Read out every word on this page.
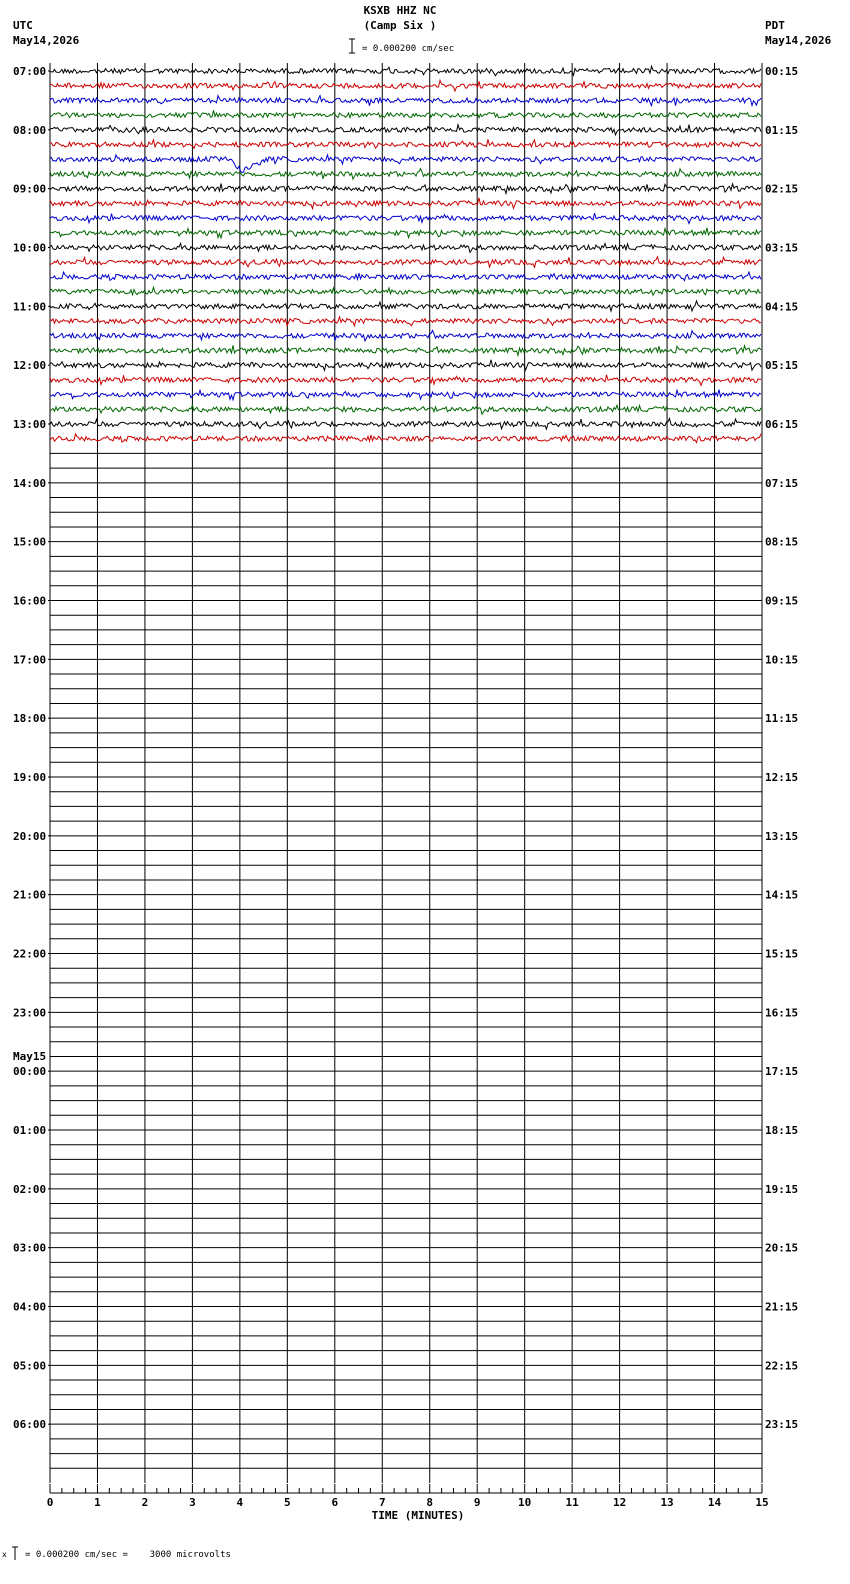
KSXB HHZ NC
(Camp Six )
UTC
May14,2026
PDT
May14,2026
= 0.000200 cm/sec
x = 0.000200 cm/sec =    3000 microvolts
07:00	00:15
08:00	01:15
09:00	02:15
10:00	03:15
11:00	04:15
12:00	05:15
13:00	06:15
14:00	07:15
15:00	08:15
16:00	09:15
17:00	10:15
18:00	11:15
19:00	12:15
20:00	13:15
21:00	14:15
22:00	15:15
23:00	16:15
00:00	17:15
01:00	18:15
02:00	19:15
03:00	20:15
04:00	21:15
05:00	22:15
06:00	23:15
May15
0	1	2	3	4	5	6	7	8	9	10	11	12	13	14	15
TIME (MINUTES)
